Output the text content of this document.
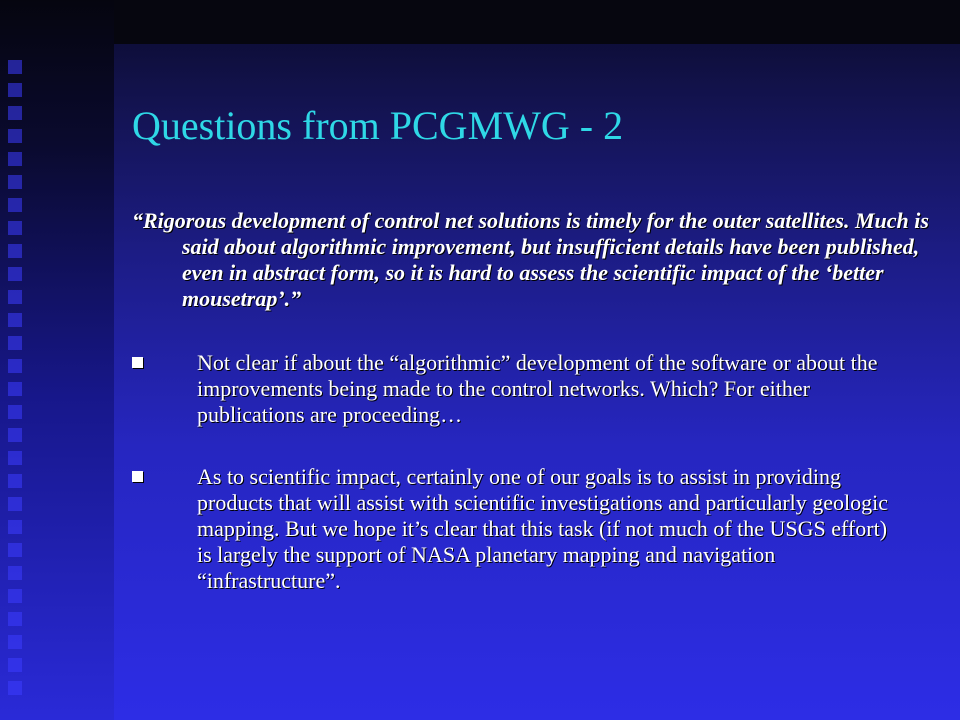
Questions from PCGMWG - 2
“Rigorous development of control net solutions is timely for the outer satellites. Much is said about algorithmic improvement, but insufficient details have been published, even in abstract form, so it is hard to assess the scientific impact of the ‘better mousetrap’.”
Not clear if about the “algorithmic” development of the software or about the improvements being made to the control networks. Which? For either publications are proceeding…
As to scientific impact, certainly one of our goals is to assist in providing products that will assist with scientific investigations and particularly geologic mapping. But we hope it’s clear that this task (if not much of the USGS effort) is largely the support of NASA planetary mapping and navigation “infrastructure”.
